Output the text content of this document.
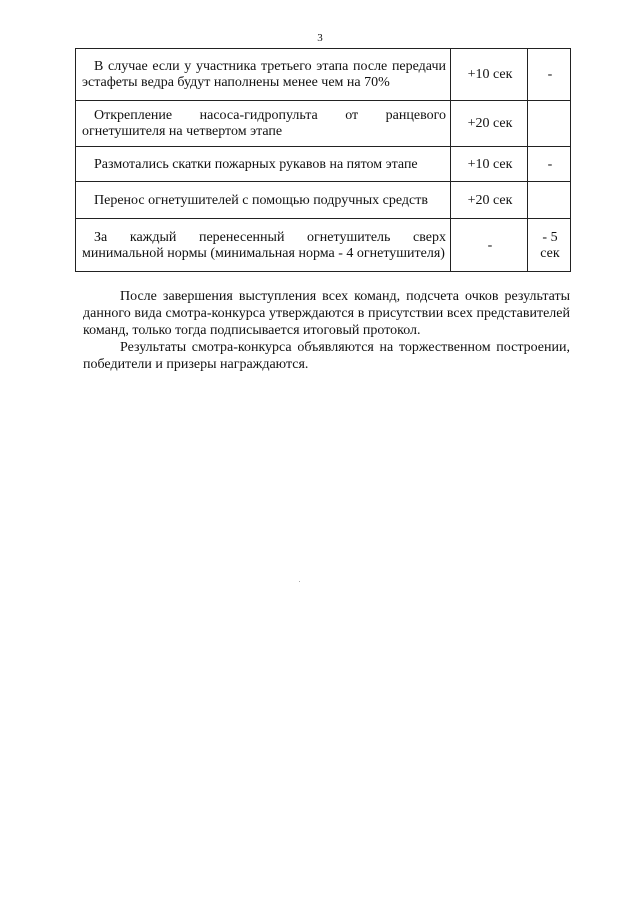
3
В случае если у участника третьего этапа после передачи эстафеты ведра будут наполнены менее чем на 70%	+10 сек	-

Открепление насоса-гидропульта от ранцевого огнетушителя на четвертом этапе	+20 сек	

Размотались скатки пожарных рукавов на пятом этапе	+10 сек	-

Перенос огнетушителей с помощью подручных средств	+20 сек	

За каждый перенесенный огнетушитель сверх минимальной нормы (минимальная норма - 4 огнетушителя)	-	- 5 сек

После завершения выступления всех команд, подсчета очков результаты данного вида смотра-конкурса утверждаются в присутствии всех представителей команд, только тогда подписывается итоговый протокол.

Результаты смотра-конкурса объявляются на торжественном построении, победители и призеры награждаются.
